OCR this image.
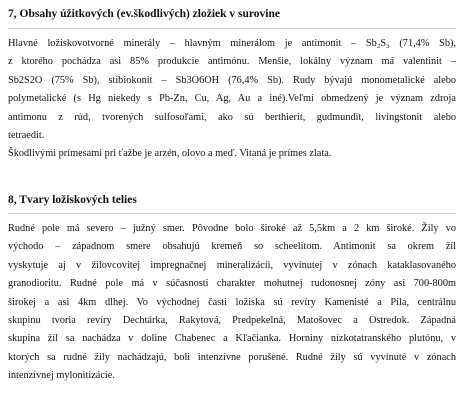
7, Obsahy úžitkových (ev.škodlivých) zložiek v surovine
Hlavné ložiskovotvorné minerály – hlavným minerálom je antimonit – Sb₂S₃ (71,4% Sb),
z ktorého pochádza asi 85% produkcie antimónu. Menšie, lokálny význam má valentinit –
Sb2S2O (75% Sb), stibiokonit – Sb3O6OH (76,4% Sb). Rudy bývajú monometalické alebo
polymetalické (s Hg niekedy s Pb-Zn, Cu, Ag, Au a iné).Veľmi obmedzený je význam zdroja
antimonu z rúd, tvorených sulfosoľami, ako sú berthierit, gudmundit, livingstonit alebo
tetraedit.
Škodlivými prímesami pri ťažbe je arzén, olovo a meď. Vitaná je prímes zlata.
8, Tvary ložiskových telies
Rudné pole má severo – južný smer. Pôvodne bolo široké až 5,5km a 2 km široké. Žily vo
východo – západnom smere obsahujú kremeň so scheelitom. Antimonit sa okrem žíl
vyskytuje aj v žilovcovitej impregnačnej mineralizácii, vyvinutej v zónach kataklasovaného
granodioritu. Rudné pole má v súčasnosti charakter mohutnej rudonosnej zóny asi 700-800m
širokej a asi 4km dlhej. Vo východnej časti ložiska sú revíry Kamenisté a Píla, centrálnu
skupinu tvoria revíry Dechtárka, Rakytová, Predpekelná, Matošovec a Ostredok. Západná
skupina žíl sa nachádza v doline Chabenec a Kľačianka. Horniny nízkotatranského plutónu, v
ktorých sa rudné žily nachádzajú, boli intenzívne porušené. Rudné žily sú vyvinuté v zónach
intenzívnej mylonitizácie.
